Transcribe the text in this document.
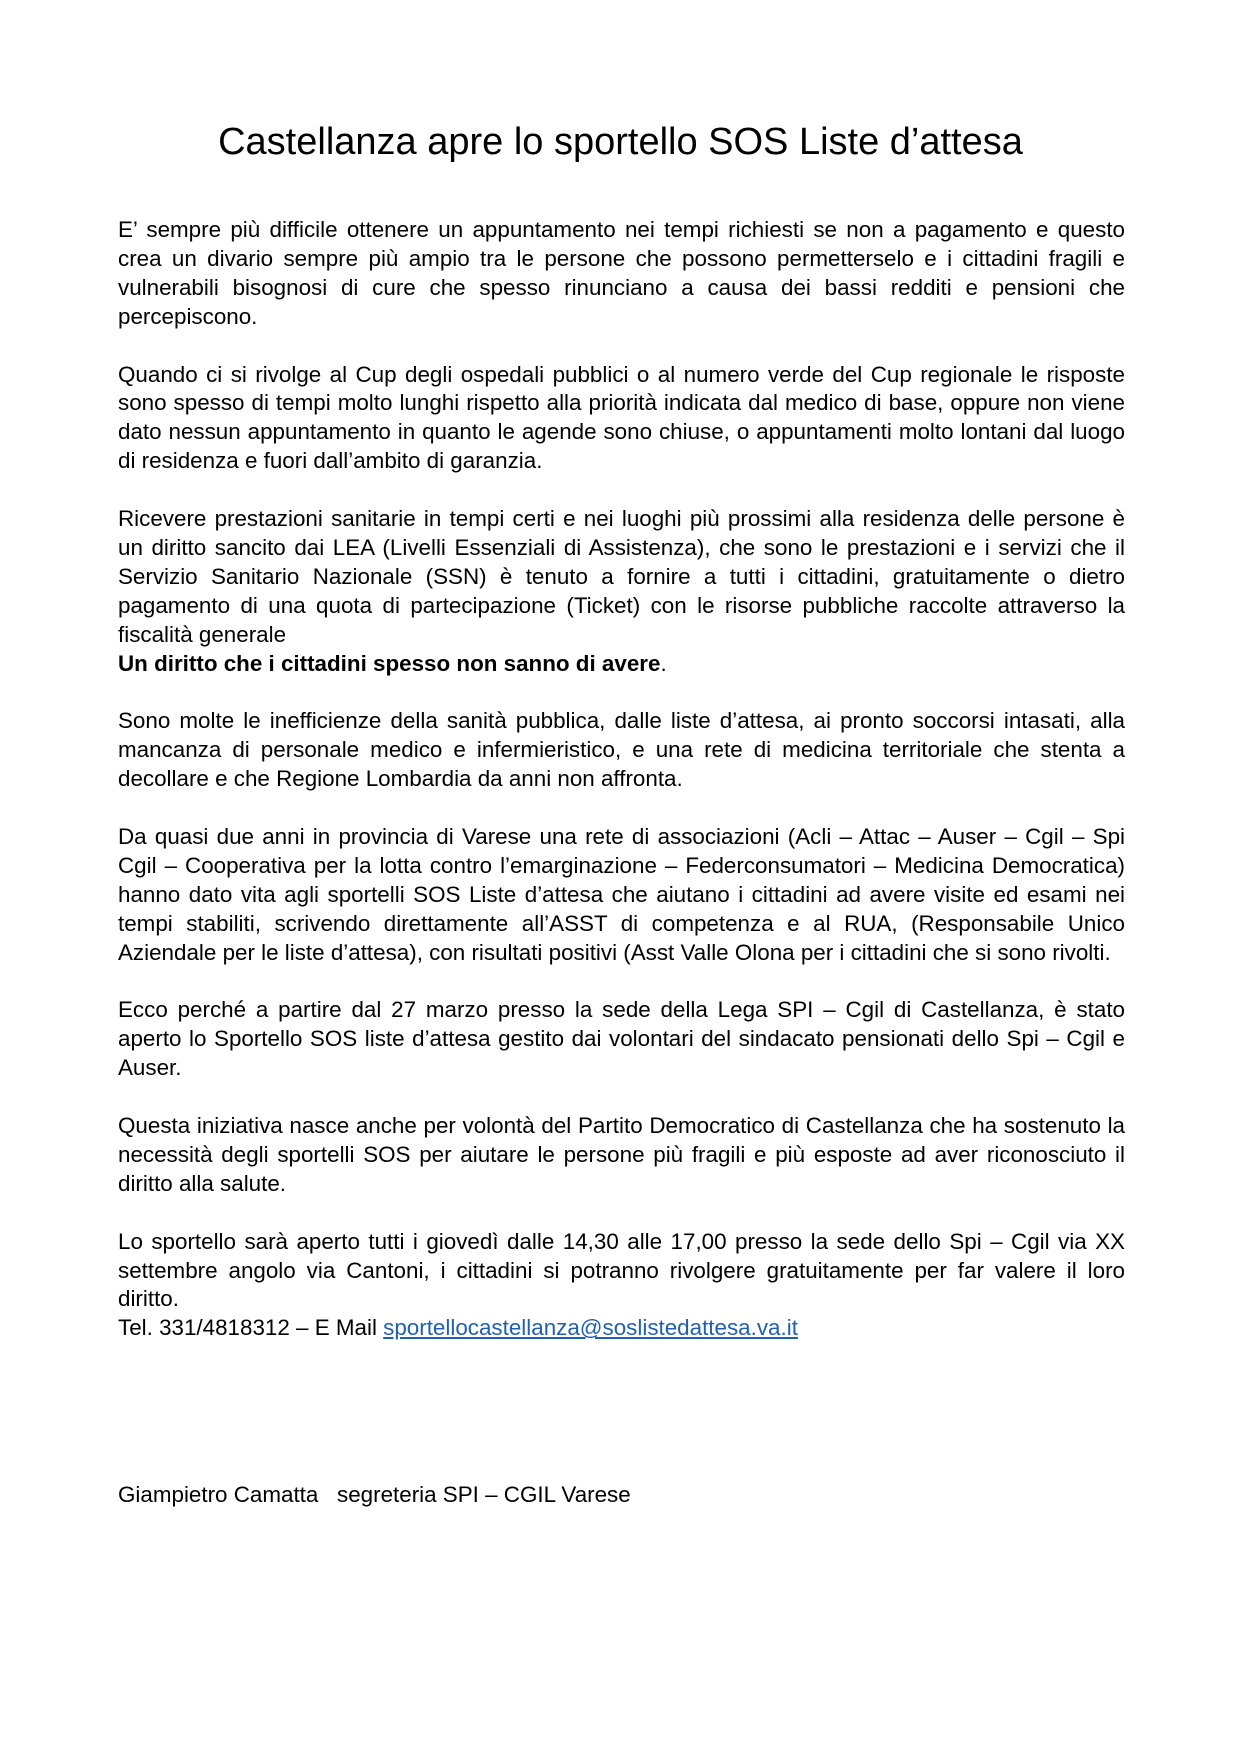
Castellanza apre lo sportello SOS Liste d’attesa

E’ sempre più difficile ottenere un appuntamento nei tempi richiesti se non a pagamento e questo crea un divario sempre più ampio tra le persone che possono permetterselo e i cittadini fragili e vulnerabili bisognosi di cure che spesso rinunciano a causa dei bassi redditi e pensioni che percepiscono.

Quando ci si rivolge al Cup degli ospedali pubblici o al numero verde del Cup regionale le risposte sono spesso di tempi molto lunghi rispetto alla priorità indicata dal medico di base, oppure non viene dato nessun appuntamento in quanto le agende sono chiuse, o appuntamenti molto lontani dal luogo di residenza e fuori dall’ambito di garanzia.

Ricevere prestazioni sanitarie in tempi certi e nei luoghi più prossimi alla residenza delle persone è un diritto sancito dai LEA (Livelli Essenziali di Assistenza), che sono le prestazioni e i servizi che il Servizio Sanitario Nazionale (SSN) è tenuto a fornire a tutti i cittadini, gratuitamente o dietro pagamento di una quota di partecipazione (Ticket) con le risorse pubbliche raccolte attraverso la fiscalità generale

Un diritto che i cittadini spesso non sanno di avere.

Sono molte le inefficienze della sanità pubblica, dalle liste d’attesa, ai pronto soccorsi intasati, alla mancanza di personale medico e infermieristico, e una rete di medicina territoriale che stenta a decollare e che Regione Lombardia da anni non affronta.

Da quasi due anni in provincia di Varese una rete di associazioni (Acli – Attac – Auser – Cgil – Spi Cgil – Cooperativa per la lotta contro l’emarginazione – Federconsumatori – Medicina Democratica) hanno dato vita agli sportelli SOS Liste d’attesa che aiutano i cittadini ad avere visite ed esami nei tempi stabiliti, scrivendo direttamente all’ASST di competenza e al RUA, (Responsabile Unico Aziendale per le liste d’attesa), con risultati positivi (Asst Valle Olona per i cittadini che si sono rivolti.

Ecco perché a partire dal 27 marzo presso la sede della Lega SPI – Cgil di Castellanza, è stato aperto lo Sportello SOS liste d’attesa gestito dai volontari del sindacato pensionati dello Spi – Cgil e Auser.

Questa iniziativa nasce anche per volontà del Partito Democratico di Castellanza che ha sostenuto la necessità degli sportelli SOS per aiutare le persone più fragili e più esposte ad aver riconosciuto il diritto alla salute.

Lo sportello sarà aperto tutti i giovedì dalle 14,30 alle 17,00 presso la sede dello Spi – Cgil via XX settembre angolo via Cantoni, i cittadini si potranno rivolgere gratuitamente per far valere il loro diritto.

Tel. 331/4818312 – E Mail sportellocastellanza@soslistedattesa.va.it

Giampietro Camatta   segreteria SPI – CGIL Varese
